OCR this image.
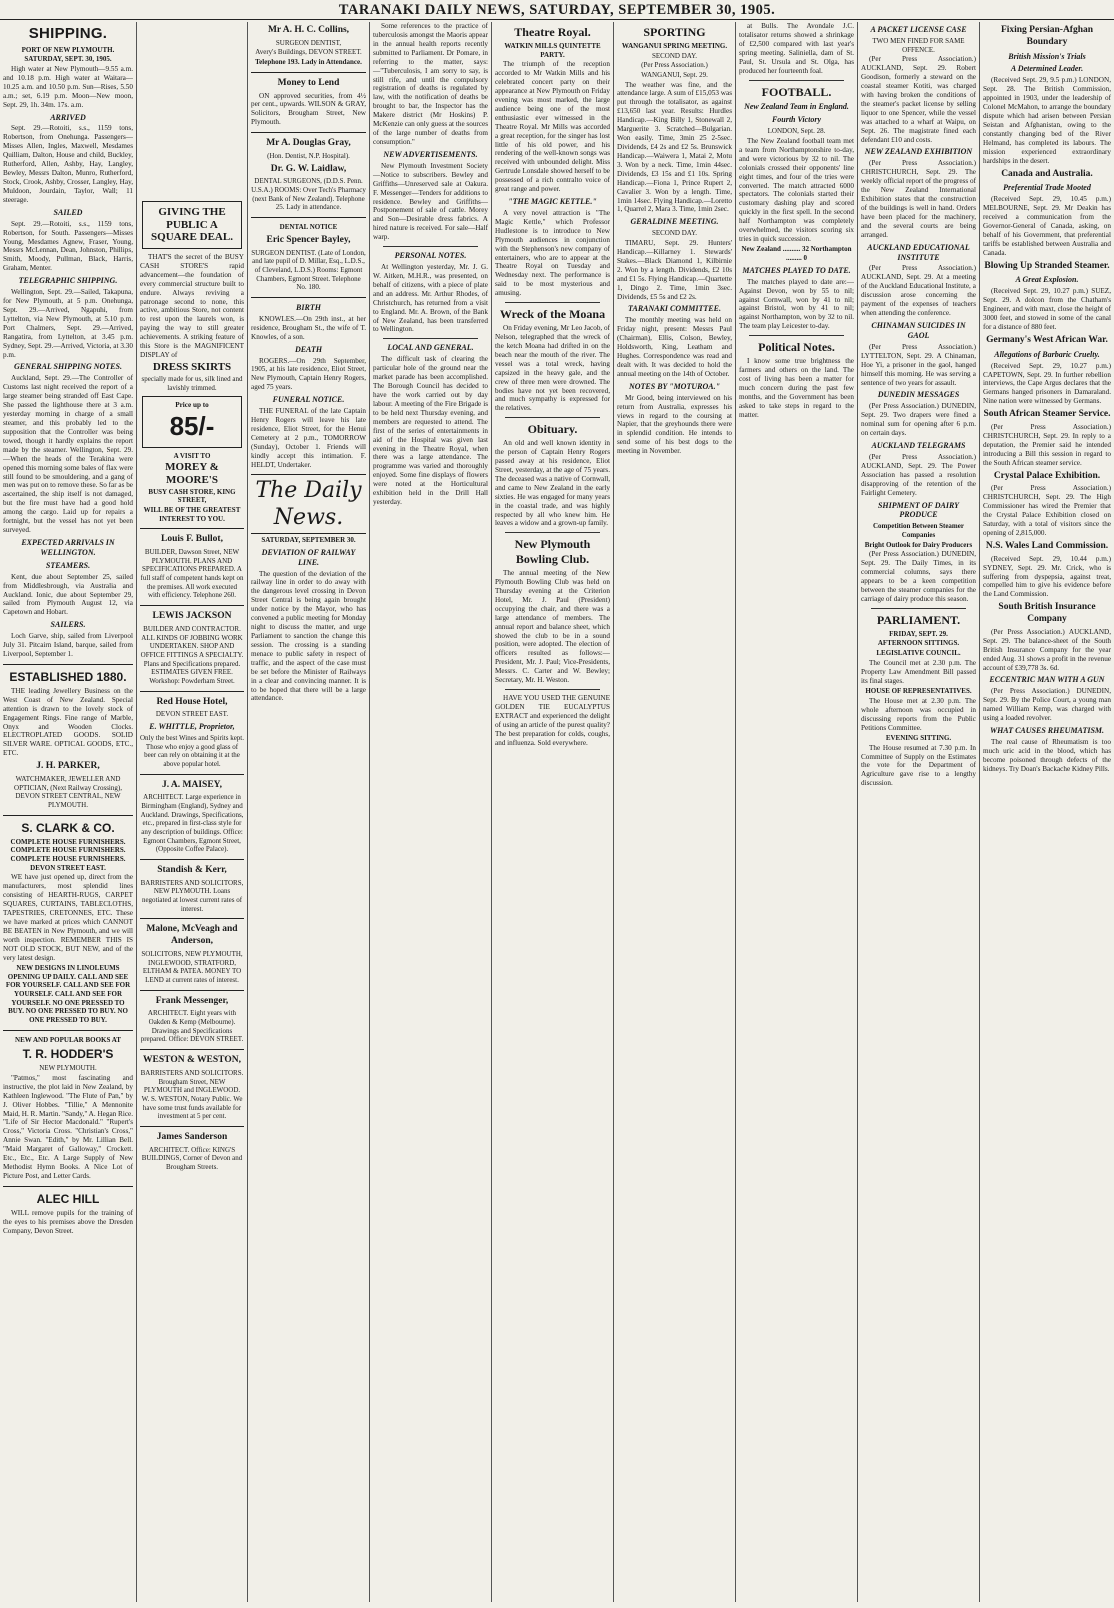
TARANAKI DAILY NEWS, SATURDAY, SEPTEMBER 30, 1905.
SHIPPING.
PORT OF NEW PLYMOUTH.
SATURDAY, SEPT. 30, 1905.

High water at New Plymouth—9.55 a.m. and 10.18 p.m. High water at Waitara—10.25 a.m. and 10.50 p.m. Sun—Rises, 5.50 a.m.; set, 6.19 p.m. Moon—New moon, Sept. 29, 1h. 34m. 17s. a.m.

ARRIVED

Sept. 29.—Rotoiti, s.s., 1159 tons, Robertson, from Onehunga. Passengers—Misses Allen, Ingles, Maxwell, Mesdames Quilliam, Dalton, House and child, Buckley, Rutherford, Allen, Ashby, Hay, Langley, Bewley, Messrs Dalton, Munro, Rutherford, Stock, Crook, Ashby, Crosser, Langley, Hay, Muldoon, Jourdain, Taylor, Wall; 11 steerage.

SAILED

Sept. 29.—Rotoiti, s.s., 1159 tons, Robertson, for South. Passengers—Misses Young, Mesdames Agnew, Fraser, Young, Messrs McLennan, Dean, Johnston, Phillips, Smith, Moody, Pullman, Black, Harris, Graham, Menter.

TELEGRAPHIC SHIPPING.

Wellington, Sept. 29.—Sailed, Takapuna, for New Plymouth, at 5 p.m. Onehunga, Sept. 29.—Arrived, Ngapuhi, from Lyttelton, via New Plymouth, at 5.10 p.m. Port Chalmers, Sept. 29.—Arrived, Rangatira, from Lyttelton, at 3.45 p.m. Sydney, Sept. 29.—Arrived, Victoria, at 3.30 p.m.

GENERAL SHIPPING NOTES.

Auckland, Sept. 29.—The Controller of Customs last night received the report of a large steamer being stranded off East Cape. She passed the lighthouse there at 3 a.m. yesterday morning in charge of a small steamer, and this probably led to the supposition that the Controller was being towed, though it hardly explains the report made by the steamer. Wellington, Sept. 29.—When the heads of the Terakina were opened this morning some bales of flax were still found to be smouldering, and a gang of men was put on to remove these. So far as be ascertained, the ship itself is not damaged, but the fire must have had a good hold among the cargo. Laid up for repairs a fortnight, but the vessel has not yet been surveyed.

EXPECTED ARRIVALS IN WELLINGTON.
STEAMERS.

Kent, due about September 25, sailed from Middlesbrough, via Australia and Auckland. Ionic, due about September 29, sailed from Plymouth August 12, via Capetown and Hobart.

SAILERS.

Loch Garve, ship, sailed from Liverpool July 31. Pitcairn Island, barque, sailed from Liverpool, September 1.

ESTABLISHED 1880.

THE leading Jewellery Business on the West Coast of New Zealand. Special attention is drawn to the lovely stock of Engagement Rings. Fine range of Marble, Onyx and Wooden Clocks. ELECTROPLATED GOODS. SOLID SILVER WARE. OPTICAL GOODS, ETC., ETC.

J. H. PARKER,
WATCHMAKER, JEWELLER AND OPTICIAN, (Next Railway Crossing), DEVON STREET CENTRAL, NEW PLYMOUTH.
S. CLARK & CO.
COMPLETE HOUSE FURNISHERS. COMPLETE HOUSE FURNISHERS. COMPLETE HOUSE FURNISHERS. DEVON STREET EAST.

WE have just opened up, direct from the manufacturers, most splendid lines consisting of HEARTH-RUGS, CARPET SQUARES, CURTAINS, TABLECLOTHS, TAPESTRIES, CRETONNES, ETC. These we have marked at prices which CANNOT BE BEATEN in New Plymouth, and we will worth inspection. REMEMBER THIS IS NOT OLD STOCK, BUT NEW, and of the very latest design.

NEW DESIGNS IN LINOLEUMS OPENING UP DAILY. CALL AND SEE FOR YOURSELF. CALL AND SEE FOR YOURSELF. CALL AND SEE FOR YOURSELF. NO ONE PRESSED TO BUY. NO ONE PRESSED TO BUY. NO ONE PRESSED TO BUY.
NEW AND POPULAR BOOKS AT
T. R. HODDER'S
NEW PLYMOUTH.

"Patmos," most fascinating and instructive, the plot laid in New Zealand, by Kathleen Inglewood. "The Flute of Pan," by J. Oliver Hobbes. "Tillie," A Mennonite Maid, H. R. Martin. "Sandy," A. Hegan Rice. "Life of Sir Hector Macdonald." "Rupert's Cross," Victoria Cross. "Christian's Cross," Annie Swan. "Edith," by Mr. Lillian Bell. "Maid Margaret of Galloway," Crockett. Etc., Etc., Etc. A Large Supply of New Methodist Hymn Books. A Nice Lot of Picture Post, and Letter Cards.

ALEC HILL

WILL remove pupils for the training of the eyes to his premises above the Dresden Company, Devon Street.

GIVING THE PUBLIC A SQUARE DEAL.

THAT'S the secret of the BUSY CASH STORE'S rapid advancement—the foundation of every commercial structure built to endure. Always reviving a patronage second to none, this active, ambitious Store, not content to rest upon the laurels won, is paying the way to still greater achievements. A striking feature of this Store is the MAGNIFICENT DISPLAY of

DRESS SKIRTS
specially made for us, silk lined and lavishly trimmed.
Price up to
85/-
A VISIT TO
MOREY & MOORE'S
BUSY CASH STORE, KING STREET,
WILL BE OF THE GREATEST INTEREST TO YOU.
Louis F. Bullot,
BUILDER, Dawson Street, NEW PLYMOUTH. PLANS AND SPECIFICATIONS PREPARED. A full staff of competent hands kept on the premises. All work executed with efficiency. Telephone 260.
LEWIS JACKSON
BUILDER AND CONTRACTOR. ALL KINDS OF JOBBING WORK UNDERTAKEN. SHOP AND OFFICE FITTINGS A SPECIALTY. Plans and Specifications prepared. ESTIMATES GIVEN FREE. Workshop: Powderham Street.
Red House Hotel,
DEVON STREET EAST.
E. WHITTLE, Proprietor,
Only the best Wines and Spirits kept. Those who enjoy a good glass of beer can rely on obtaining it at the above popular hotel.
J. A. MAISEY,
ARCHITECT. Large experience in Birmingham (England), Sydney and Auckland. Drawings, Specifications, etc., prepared in first-class style for any description of buildings. Office: Egmont Chambers, Egmont Street, (Opposite Coffee Palace).
Standish & Kerr,
BARRISTERS AND SOLICITORS, NEW PLYMOUTH. Loans negotiated at lowest current rates of interest.
Malone, McVeagh and Anderson,
SOLICITORS, NEW PLYMOUTH, INGLEWOOD, STRATFORD, ELTHAM & PATEA. MONEY TO LEND at current rates of interest.
Frank Messenger,
ARCHITECT. Eight years with Oakden & Kemp (Melbourne). Drawings and Specifications prepared. Office: DEVON STREET.
WESTON & WESTON,
BARRISTERS AND SOLICITORS. Brougham Street, NEW PLYMOUTH and INGLEWOOD. W. S. WESTON, Notary Public. We have some trust funds available for investment at 5 per cent.
James Sanderson
ARCHITECT. Office: KING'S BUILDINGS, Corner of Devon and Brougham Streets.
Mr A. H. C. Collins,
SURGEON DENTIST,
Avery's Buildings, DEVON STREET.
Telephone 193. Lady in Attendance.
Money to Lend

ON approved securities, from 4½ per cent., upwards. WILSON & GRAY, Solicitors, Brougham Street, New Plymouth.

Mr A. Douglas Gray,
(Hon. Dentist, N.P. Hospital).
Dr. G. W. Laidlaw,
DENTAL SURGEONS, (D.D.S. Penn. U.S.A.) ROOMS: Over Tech's Pharmacy (next Bank of New Zealand). Telephone 25. Lady in attendance.
DENTAL NOTICE
Eric Spencer Bayley,
SURGEON DENTIST. (Late of London, and late pupil of D. Millar, Esq., L.D.S., of Cleveland, L.D.S.) Rooms: Egmont Chambers, Egmont Street. Telephone No. 180.
BIRTH

KNOWLES.—On 29th inst., at her residence, Brougham St., the wife of T. Knowles, of a son.

DEATH

ROGERS.—On 29th September, 1905, at his late residence, Eliot Street, New Plymouth, Captain Henry Rogers, aged 75 years.

FUNERAL NOTICE.

THE FUNERAL of the late Captain Henry Rogers will leave his late residence, Eliot Street, for the Henui Cemetery at 2 p.m., TOMORROW (Sunday), October 1. Friends will kindly accept this intimation. F. HELDT, Undertaker.

The Daily News.
SATURDAY, SEPTEMBER 30.
DEVIATION OF RAILWAY LINE.

The question of the deviation of the railway line in order to do away with the dangerous level crossing in Devon Street Central is being again brought under notice by the Mayor, who has convened a public meeting for Monday night to discuss the matter, and urge Parliament to sanction the change this session. The crossing is a standing menace to public safety in respect of traffic, and the aspect of the case must be set before the Minister of Railways in a clear and convincing manner. It is to be hoped that there will be a large attendance.

Some references to the practice of tuberculosis amongst the Maoris appear in the annual health reports recently submitted to Parliament. Dr Pomare, in referring to the matter, says:—"Tuberculosis, I am sorry to say, is still rife, and until the compulsory registration of deaths is regulated by law, with the notification of deaths be brought to bar, the Inspector has the Makere district (Mr Hoskins) P. McKenzie can only guess at the sources of the large number of deaths from consumption."

NEW ADVERTISEMENTS.

New Plymouth Investment Society—Notice to subscribers. Bewley and Griffiths—Unreserved sale at Oakura. F. Messenger—Tenders for additions to residence. Bewley and Griffiths—Postponement of sale of cattle. Morey and Son—Desirable dress fabrics. A hired nature is received. For sale—Half warp.

PERSONAL NOTES.

At Wellington yesterday, Mr. J. G. W. Aitken, M.H.R., was presented, on behalf of citizens, with a piece of plate and an address. Mr. Arthur Rhodes, of Christchurch, has returned from a visit to England. Mr. A. Brown, of the Bank of New Zealand, has been transferred to Wellington.

LOCAL AND GENERAL.

The difficult task of clearing the particular hole of the ground near the market parade has been accomplished. The Borough Council has decided to have the work carried out by day labour. A meeting of the Fire Brigade is to be held next Thursday evening, and members are requested to attend. The first of the series of entertainments in aid of the Hospital was given last evening in the Theatre Royal, when there was a large attendance. The programme was varied and thoroughly enjoyed. Some fine displays of flowers were noted at the Horticultural exhibition held in the Drill Hall yesterday.

Theatre Royal.
WATKIN MILLS QUINTETTE PARTY.

The triumph of the reception accorded to Mr Watkin Mills and his celebrated concert party on their appearance at New Plymouth on Friday evening was most marked, the large audience being one of the most enthusiastic ever witnessed in the Theatre Royal. Mr Mills was accorded a great reception, for the singer has lost little of his old power, and his rendering of the well-known songs was received with unbounded delight. Miss Gertrude Lonsdale showed herself to be possessed of a rich contralto voice of great range and power.

"THE MAGIC KETTLE."

A very novel attraction is "The Magic Kettle," which Professor Hudlestone is to introduce to New Plymouth audiences in conjunction with the Stephenson's new company of entertainers, who are to appear at the Theatre Royal on Tuesday and Wednesday next. The performance is said to be most mysterious and amusing.

Wreck of the Moana

On Friday evening, Mr Leo Jacob, of Nelson, telegraphed that the wreck of the ketch Moana had drifted in on the beach near the mouth of the river. The vessel was a total wreck, having capsized in the heavy gale, and the crew of three men were drowned. The bodies have not yet been recovered, and much sympathy is expressed for the relatives.

Obituary.

An old and well known identity in the person of Captain Henry Rogers passed away at his residence, Eliot Street, yesterday, at the age of 75 years. The deceased was a native of Cornwall, and came to New Zealand in the early sixties. He was engaged for many years in the coastal trade, and was highly respected by all who knew him. He leaves a widow and a grown-up family.

New Plymouth Bowling Club.

The annual meeting of the New Plymouth Bowling Club was held on Thursday evening at the Criterion Hotel, Mr. J. Paul (President) occupying the chair, and there was a large attendance of members. The annual report and balance sheet, which showed the club to be in a sound position, were adopted. The election of officers resulted as follows:—President, Mr. J. Paul; Vice-Presidents, Messrs. C. Carter and W. Bewley; Secretary, Mr. H. Weston.

HAVE YOU USED THE GENUINE GOLDEN TIE EUCALYPTUS EXTRACT and experienced the delight of using an article of the purest quality? The best preparation for colds, coughs, and influenza. Sold everywhere.

SPORTING
WANGANUI SPRING MEETING.
SECOND DAY.
(Per Press Association.)
WANGANUI, Sept. 29.

The weather was fine, and the attendance large. A sum of £15,053 was put through the totalisator, as against £13,650 last year. Results: Hurdles Handicap.—King Billy 1, Stonewall 2, Marguerite 3. Scratched—Bulgarian. Won easily. Time, 3min 25 2-5sec. Dividends, £4 2s and £2 5s. Brunswick Handicap.—Waiwera 1, Matai 2, Motu 3. Won by a neck. Time, 1min 44sec. Dividends, £3 15s and £1 10s. Spring Handicap.—Fiona 1, Prince Rupert 2, Cavalier 3. Won by a length. Time, 1min 14sec. Flying Handicap.—Loretto 1, Quarrel 2, Mara 3. Time, 1min 2sec.

GERALDINE MEETING.
SECOND DAY.

TIMARU, Sept. 29. Hunters' Handicap.—Killarney 1. Stewards' Stakes.—Black Diamond 1, Kilbirnie 2. Won by a length. Dividends, £2 10s and £1 5s. Flying Handicap.—Quartette 1, Dingo 2. Time, 1min 3sec. Dividends, £5 5s and £2 2s.

TARANAKI COMMITTEE.

The monthly meeting was held on Friday night, present: Messrs Paul (Chairman), Ellis, Colson, Bewley, Holdsworth, King, Leatham and Hughes. Correspondence was read and dealt with. It was decided to hold the annual meeting on the 14th of October.

NOTES BY "MOTUROA."

Mr Good, being interviewed on his return from Australia, expresses his views in regard to the coursing at Napier, that the greyhounds there were in splendid condition. He intends to send some of his best dogs to the meeting in November.

at Bulls. The Avondale J.C. totalisator returns showed a shrinkage of £2,500 compared with last year's spring meeting. Saliniella, dam of St. Paul, St. Ursula and St. Olga, has produced her fourteenth foal.

FOOTBALL.
New Zealand Team in England.
Fourth Victory
LONDON, Sept. 28.

The New Zealand football team met a team from Northamptonshire to-day, and were victorious by 32 to nil. The colonials crossed their opponents' line eight times, and four of the tries were converted. The match attracted 6000 spectators. The colonials started their customary dashing play and scored quickly in the first spell. In the second half Northampton was completely overwhelmed, the visitors scoring six tries in quick succession.

New Zealand .......... 32 Northampton ......... 0
MATCHES PLAYED TO DATE.

The matches played to date are:—Against Devon, won by 55 to nil; against Cornwall, won by 41 to nil; against Bristol, won by 41 to nil; against Northampton, won by 32 to nil. The team play Leicester to-day.

Political Notes.

I know some true brightness the farmers and others on the land. The cost of living has been a matter for much concern during the past few months, and the Government has been asked to take steps in regard to the matter.

A PACKET LICENSE CASE
TWO MEN FINED FOR SAME OFFENCE.

(Per Press Association.) AUCKLAND, Sept. 29. Robert Goodison, formerly a steward on the coastal steamer Kotiti, was charged with having broken the conditions of the steamer's packet license by selling liquor to one Spencer, while the vessel was attached to a wharf at Waipu, on Sept. 26. The magistrate fined each defendant £10 and costs.

NEW ZEALAND EXHIBITION

(Per Press Association.) CHRISTCHURCH, Sept. 29. The weekly official report of the progress of the New Zealand International Exhibition states that the construction of the buildings is well in hand. Orders have been placed for the machinery, and the several courts are being arranged.

AUCKLAND EDUCATIONAL INSTITUTE

(Per Press Association.) AUCKLAND, Sept. 29. At a meeting of the Auckland Educational Institute, a discussion arose concerning the payment of the expenses of teachers when attending the conference.

CHINAMAN SUICIDES IN GAOL

(Per Press Association.) LYTTELTON, Sept. 29. A Chinaman, Hoe Yi, a prisoner in the gaol, hanged himself this morning. He was serving a sentence of two years for assault.

DUNEDIN MESSAGES

(Per Press Association.) DUNEDIN, Sept. 29. Two drapers were fined a nominal sum for opening after 6 p.m. on certain days.

AUCKLAND TELEGRAMS

(Per Press Association.) AUCKLAND, Sept. 29. The Power Association has passed a resolution disapproving of the retention of the Fairlight Cemetery.

SHIPMENT OF DAIRY PRODUCE
Competition Between Steamer Companies
Bright Outlook for Dairy Producers

(Per Press Association.) DUNEDIN, Sept. 29. The Daily Times, in its commercial columns, says there appears to be a keen competition between the steamer companies for the carriage of dairy produce this season.

PARLIAMENT.
FRIDAY, SEPT. 29.
AFTERNOON SITTINGS.
LEGISLATIVE COUNCIL.

The Council met at 2.30 p.m. The Property Law Amendment Bill passed its final stages.

HOUSE OF REPRESENTATIVES.

The House met at 2.30 p.m. The whole afternoon was occupied in discussing reports from the Public Petitions Committee.

EVENING SITTING.

The House resumed at 7.30 p.m. In Committee of Supply on the Estimates the vote for the Department of Agriculture gave rise to a lengthy discussion.

Fixing Persian-Afghan Boundary
British Mission's Trials
A Determined Leader.

(Received Sept. 29, 9.5 p.m.) LONDON, Sept. 28. The British Commission, appointed in 1903, under the leadership of Colonel McMahon, to arrange the boundary dispute which had arisen between Persian Seistan and Afghanistan, owing to the constantly changing bed of the River Helmand, has completed its labours. The mission experienced extraordinary hardships in the desert.

Canada and Australia.
Preferential Trade Mooted

(Received Sept. 29, 10.45 p.m.) MELBOURNE, Sept. 29. Mr Deakin has received a communication from the Governor-General of Canada, asking, on behalf of his Government, that preferential tariffs be established between Australia and Canada.

Blowing Up Stranded Steamer.
A Great Explosion.

(Received Sept. 29, 10.27 p.m.) SUEZ, Sept. 29. A dolcon from the Chatham's Engineer, and with maxt, close the height of 3000 feet, and stowed in some of the canal for a distance of 880 feet.

Germany's West African War.
Allegations of Barbaric Cruelty.

(Received Sept. 29, 10.27 p.m.) CAPETOWN, Sept. 29. In further rebellion interviews, the Cape Argus declares that the Germans hanged prisoners in Damaraland. Nine nation were witnessed by Germans.

South African Steamer Service.

(Per Press Association.) CHRISTCHURCH, Sept. 29. In reply to a deputation, the Premier said he intended introducing a Bill this session in regard to the South African steamer service.

Crystal Palace Exhibition.

(Per Press Association.) CHRISTCHURCH, Sept. 29. The High Commissioner has wired the Premier that the Crystal Palace Exhibition closed on Saturday, with a total of visitors since the opening of 2,815,000.

N.S. Wales Land Commission.

(Received Sept. 29, 10.44 p.m.) SYDNEY, Sept. 29. Mr. Crick, who is suffering from dyspepsia, against treat, compelled him to give his evidence before the Land Commission.

South British Insurance Company

(Per Press Association.) AUCKLAND, Sept. 29. The balance-sheet of the South British Insurance Company for the year ended Aug. 31 shows a profit in the revenue account of £39,778 3s. 6d.

ECCENTRIC MAN WITH A GUN

(Per Press Association.) DUNEDIN, Sept. 29. By the Police Court, a young man named William Kemp, was charged with using a loaded revolver.

WHAT CAUSES RHEUMATISM.

The real cause of Rheumatism is too much uric acid in the blood, which has become poisoned through defects of the kidneys. Try Doan's Backache Kidney Pills.
